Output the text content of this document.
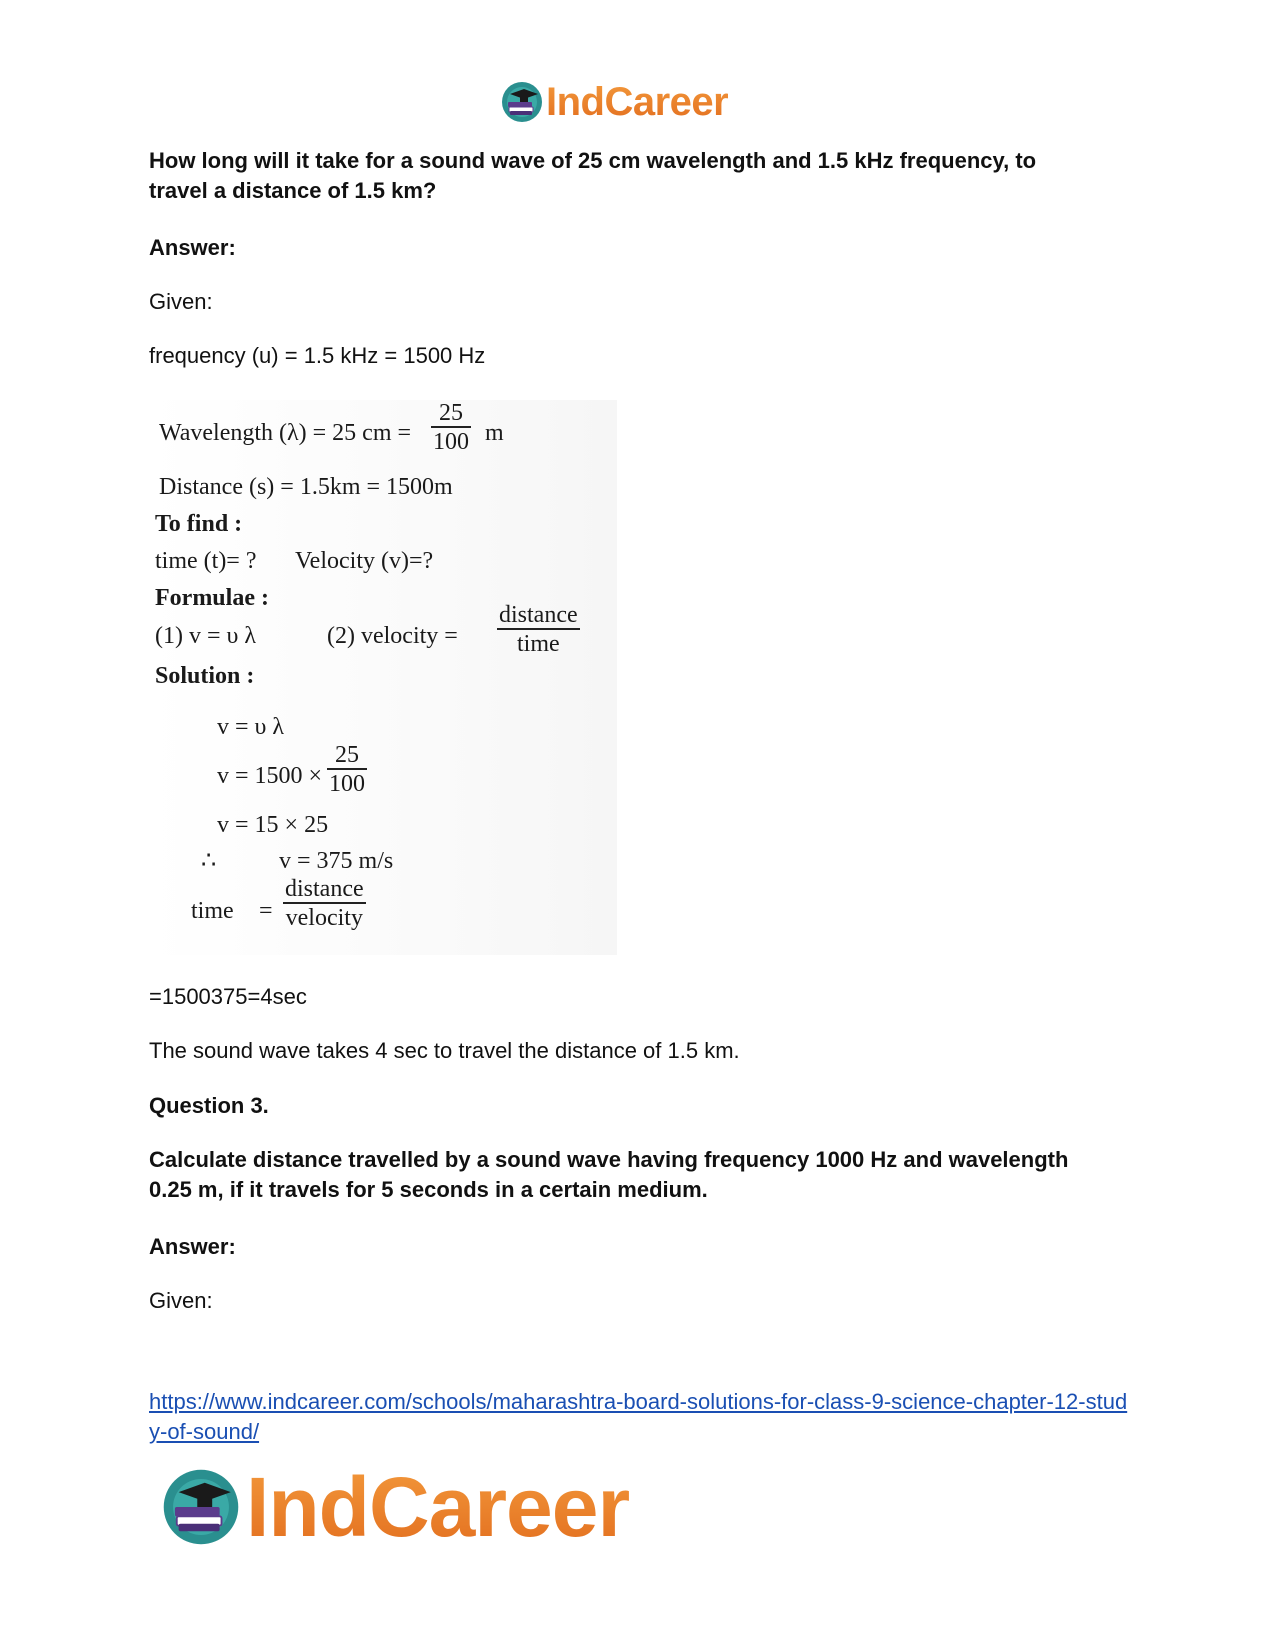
IndCareer
How long will it take for a sound wave of 25 cm wavelength and 1.5 kHz frequency, to travel a distance of 1.5 km?
Answer:
Given:
frequency (u) = 1.5 kHz = 1500 Hz
Wavelength (λ) = 25 cm =
25
100 m
Distance (s) = 1.5km = 1500m
To find :
time (t)= ? Velocity (v)=?
Formulae :
(1) v = υ λ	(2) velocity =
distance
time
Solution :
v = υ λ
v = 1500 ×
25
100
v = 15 × 25
∴	v = 375 m/s
time =
distance
velocity
=1500375=4sec
The sound wave takes 4 sec to travel the distance of 1.5 km.
Question 3.
Calculate distance travelled by a sound wave having frequency 1000 Hz and wavelength 0.25 m, if it travels for 5 seconds in a certain medium.
Answer:
Given:
https://www.indcareer.com/schools/maharashtra-board-solutions-for-class-9-science-chapter-12-study-of-sound/
IndCareer
